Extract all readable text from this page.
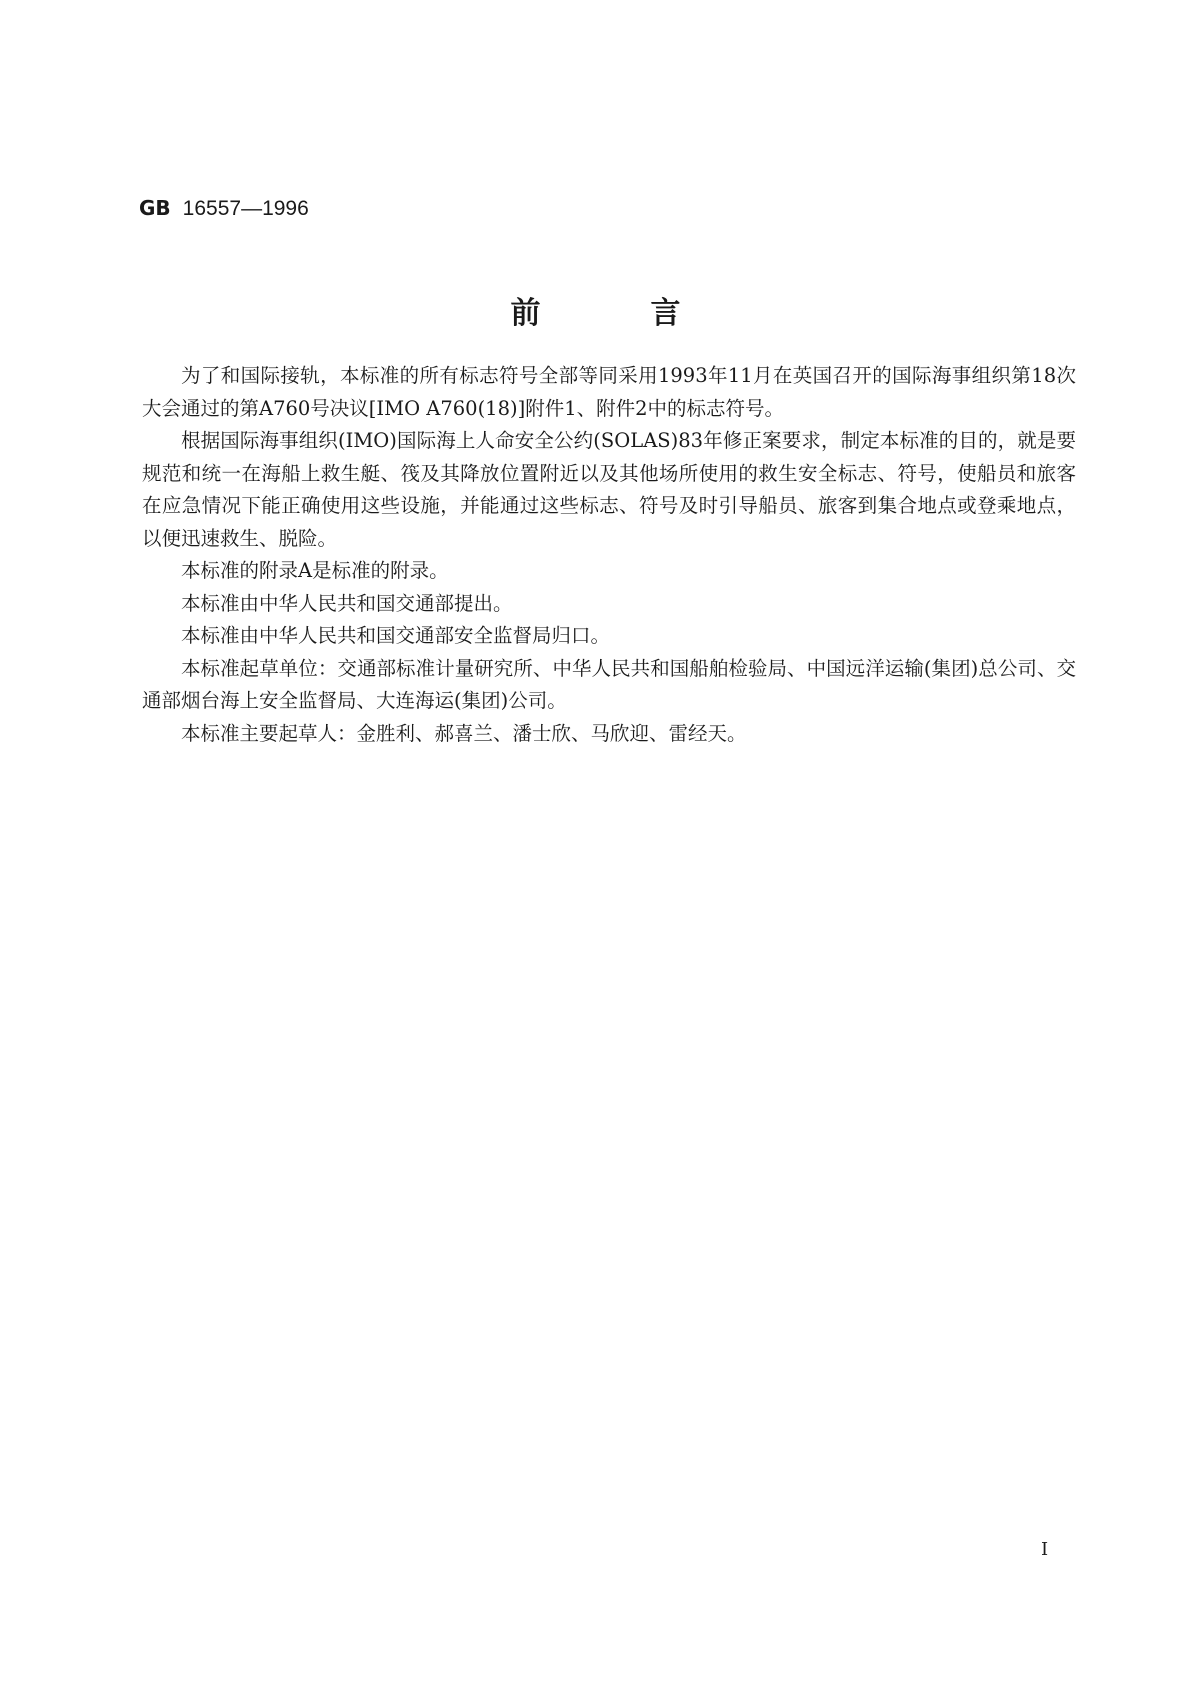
GB 16557—1996
前言

为了和国际接轨，本标准的所有标志符号全部等同采用1993年11月在英国召开的国际海事组织第18次大会通过的第A760号决议[IMO A760(18)]附件1、附件2中的标志符号。

根据国际海事组织(IMO)国际海上人命安全公约(SOLAS)83年修正案要求，制定本标准的目的，就是要规范和统一在海船上救生艇、筏及其降放位置附近以及其他场所使用的救生安全标志、符号，使船员和旅客在应急情况下能正确使用这些设施，并能通过这些标志、符号及时引导船员、旅客到集合地点或登乘地点，以便迅速救生、脱险。

本标准的附录A是标准的附录。

本标准由中华人民共和国交通部提出。

本标准由中华人民共和国交通部安全监督局归口。

本标准起草单位：交通部标准计量研究所、中华人民共和国船舶检验局、中国远洋运输(集团)总公司、交通部烟台海上安全监督局、大连海运(集团)公司。

本标准主要起草人：金胜利、郝喜兰、潘士欣、马欣迎、雷经天。

I
